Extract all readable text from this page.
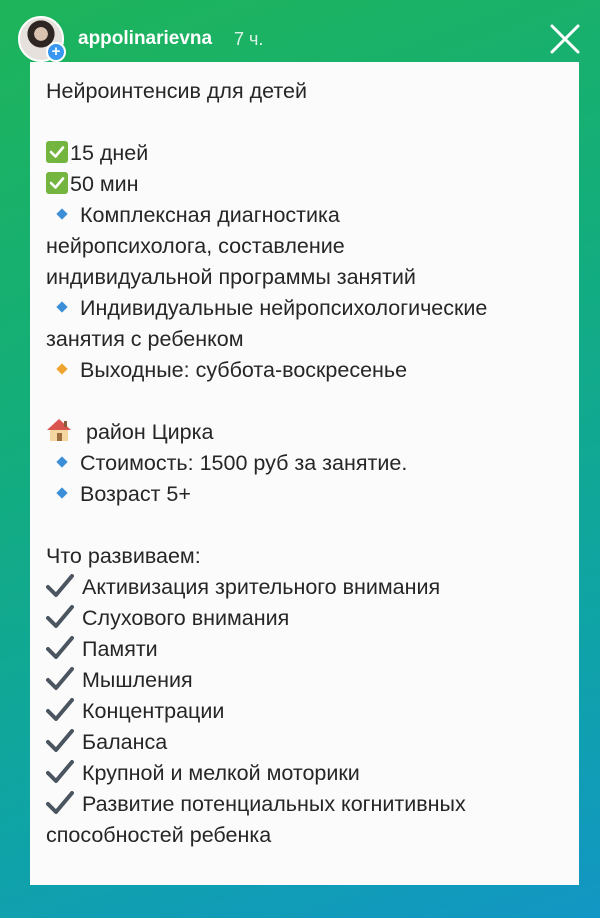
+
appolinarievna 7 ч.
Нейроинтенсив для детей
15 дней
50 мин
Комплексная диагностика
нейропсихолога, составление
индивидуальной программы занятий
Индивидуальные нейропсихологические
занятия с ребенком
Выходные: суббота-воскресенье
район Цирка
Стоимость: 1500 руб за занятие.
Возраст 5+
Что развиваем:
Активизация зрительного внимания
Слухового внимания
Памяти
Мышления
Концентрации
Баланса
Крупной и мелкой моторики
Развитие потенциальных когнитивных
способностей ребенка
